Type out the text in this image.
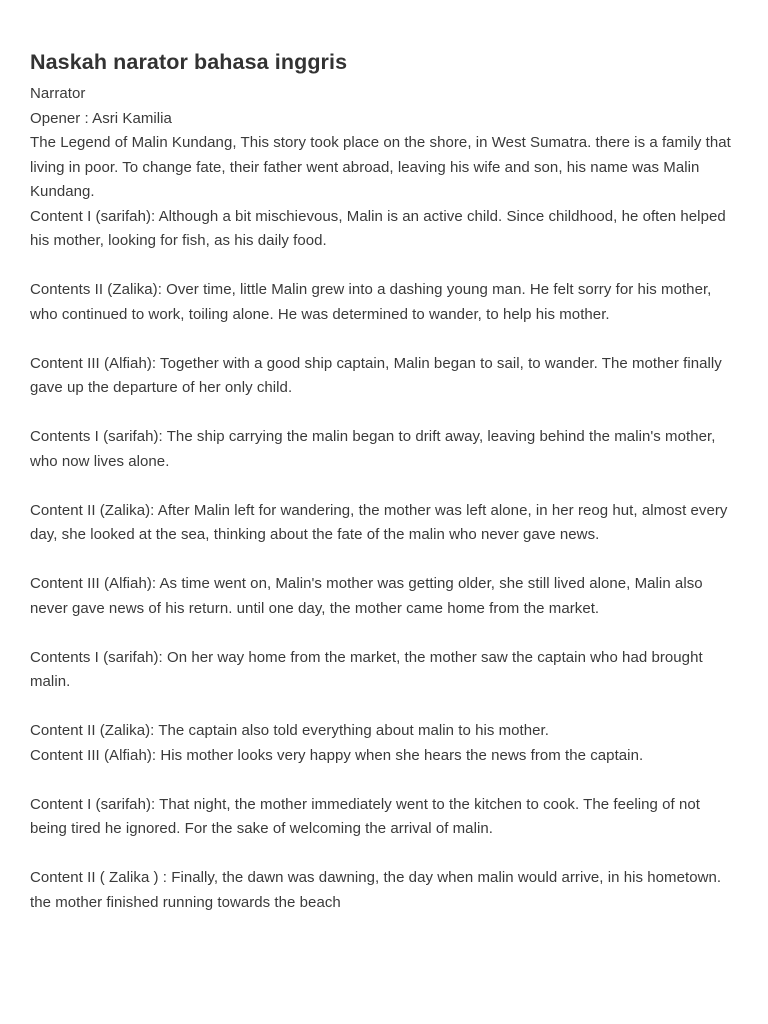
Naskah narator bahasa inggris

Narrator

Opener : Asri Kamilia

The Legend of Malin Kundang, This story took place on the shore, in West Sumatra. there is a family that living in poor. To change fate, their father went abroad, leaving his wife and son, his name was Malin Kundang.

Content I (sarifah): Although a bit mischievous, Malin is an active child. Since childhood, he often helped his mother, looking for fish, as his daily food.

Contents II (Zalika): Over time, little Malin grew into a dashing young man. He felt sorry for his mother, who continued to work, toiling alone. He was determined to wander, to help his mother.

Content III (Alfiah): Together with a good ship captain, Malin began to sail, to wander. The mother finally gave up the departure of her only child.

Contents I (sarifah): The ship carrying the malin began to drift away, leaving behind the malin's mother, who now lives alone.

Content II (Zalika): After Malin left for wandering, the mother was left alone, in her reog hut, almost every day, she looked at the sea, thinking about the fate of the malin who never gave news.

Content III (Alfiah): As time went on, Malin's mother was getting older, she still lived alone, Malin also never gave news of his return. until one day, the mother came home from the market.

Contents I (sarifah): On her way home from the market, the mother saw the captain who had brought malin.

Content II (Zalika): The captain also told everything about malin to his mother.

Content III (Alfiah): His mother looks very happy when she hears the news from the captain.

Content I (sarifah): That night, the mother immediately went to the kitchen to cook. The feeling of not being tired he ignored. For the sake of welcoming the arrival of malin.

Content II ( Zalika ) : Finally, the dawn was dawning, the day when malin would arrive, in his hometown. the mother finished running towards the beach
